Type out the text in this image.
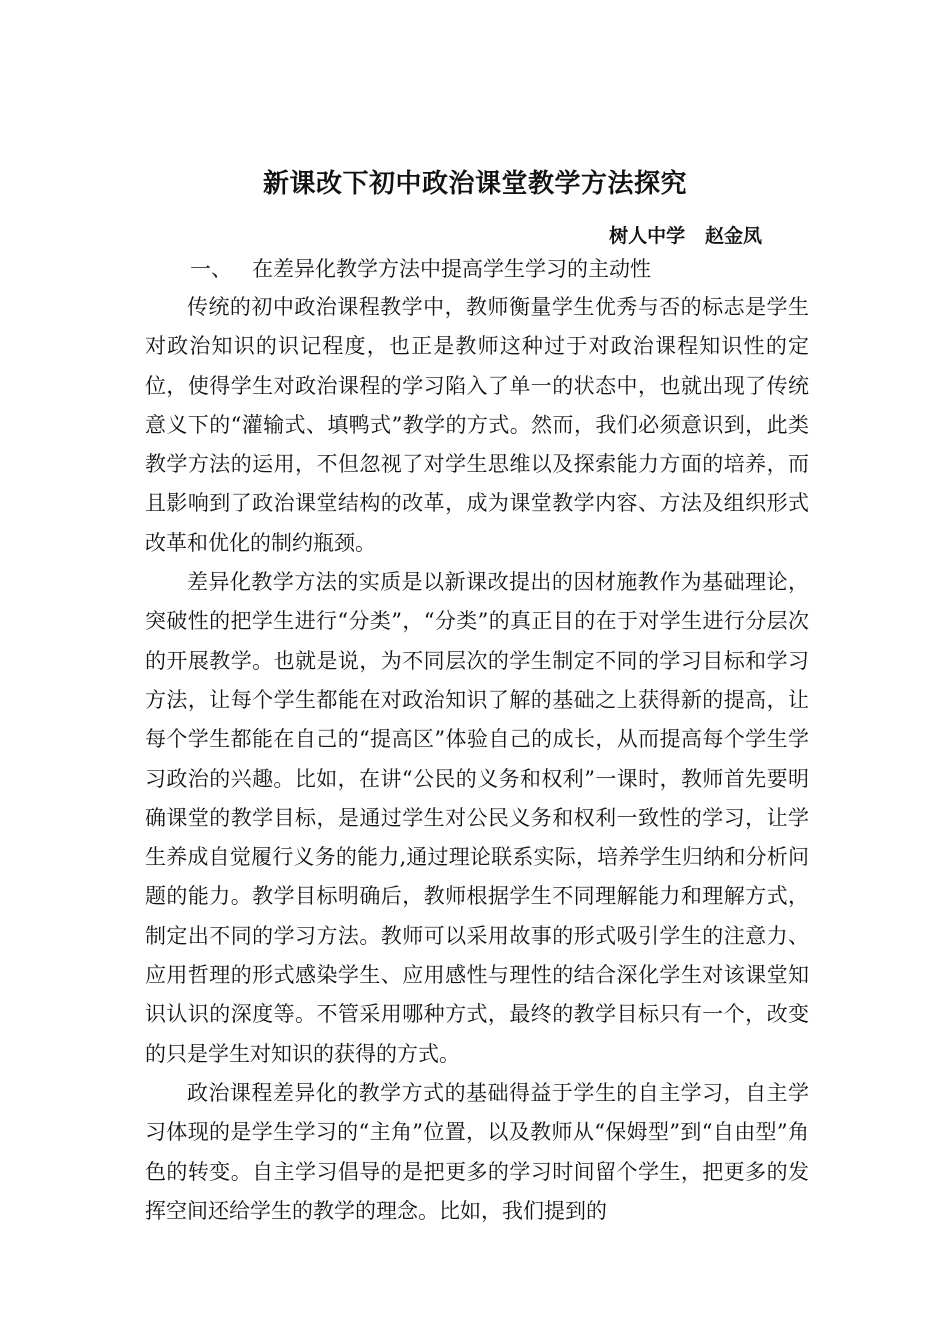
新课改下初中政治课堂教学方法探究
树人中学   赵金凤
一、   在差异化教学方法中提高学生学习的主动性

传统的初中政治课程教学中，教师衡量学生优秀与否的标志是学生对政治知识的识记程度，也正是教师这种过于对政治课程知识性的定位，使得学生对政治课程的学习陷入了单一的状态中，也就出现了传统意义下的“灌输式、填鸭式”教学的方式。然而，我们必须意识到，此类教学方法的运用，不但忽视了对学生思维以及探索能力方面的培养，而且影响到了政治课堂结构的改革，成为课堂教学内容、方法及组织形式改革和优化的制约瓶颈。

差异化教学方法的实质是以新课改提出的因材施教作为基础理论，突破性的把学生进行“分类”，“分类”的真正目的在于对学生进行分层次的开展教学。也就是说，为不同层次的学生制定不同的学习目标和学习方法，让每个学生都能在对政治知识了解的基础之上获得新的提高，让每个学生都能在自己的“提高区”体验自己的成长，从而提高每个学生学习政治的兴趣。比如，在讲“公民的义务和权利”一课时，教师首先要明确课堂的教学目标，是通过学生对公民义务和权利一致性的学习，让学生养成自觉履行义务的能力,通过理论联系实际，培养学生归纳和分析问题的能力。教学目标明确后，教师根据学生不同理解能力和理解方式，制定出不同的学习方法。教师可以采用故事的形式吸引学生的注意力、应用哲理的形式感染学生、应用感性与理性的结合深化学生对该课堂知识认识的深度等。不管采用哪种方式，最终的教学目标只有一个，改变的只是学生对知识的获得的方式。

政治课程差异化的教学方式的基础得益于学生的自主学习，自主学习体现的是学生学习的“主角”位置，以及教师从“保姆型”到“自由型”角色的转变。自主学习倡导的是把更多的学习时间留个学生，把更多的发挥空间还给学生的教学的理念。比如，我们提到的
